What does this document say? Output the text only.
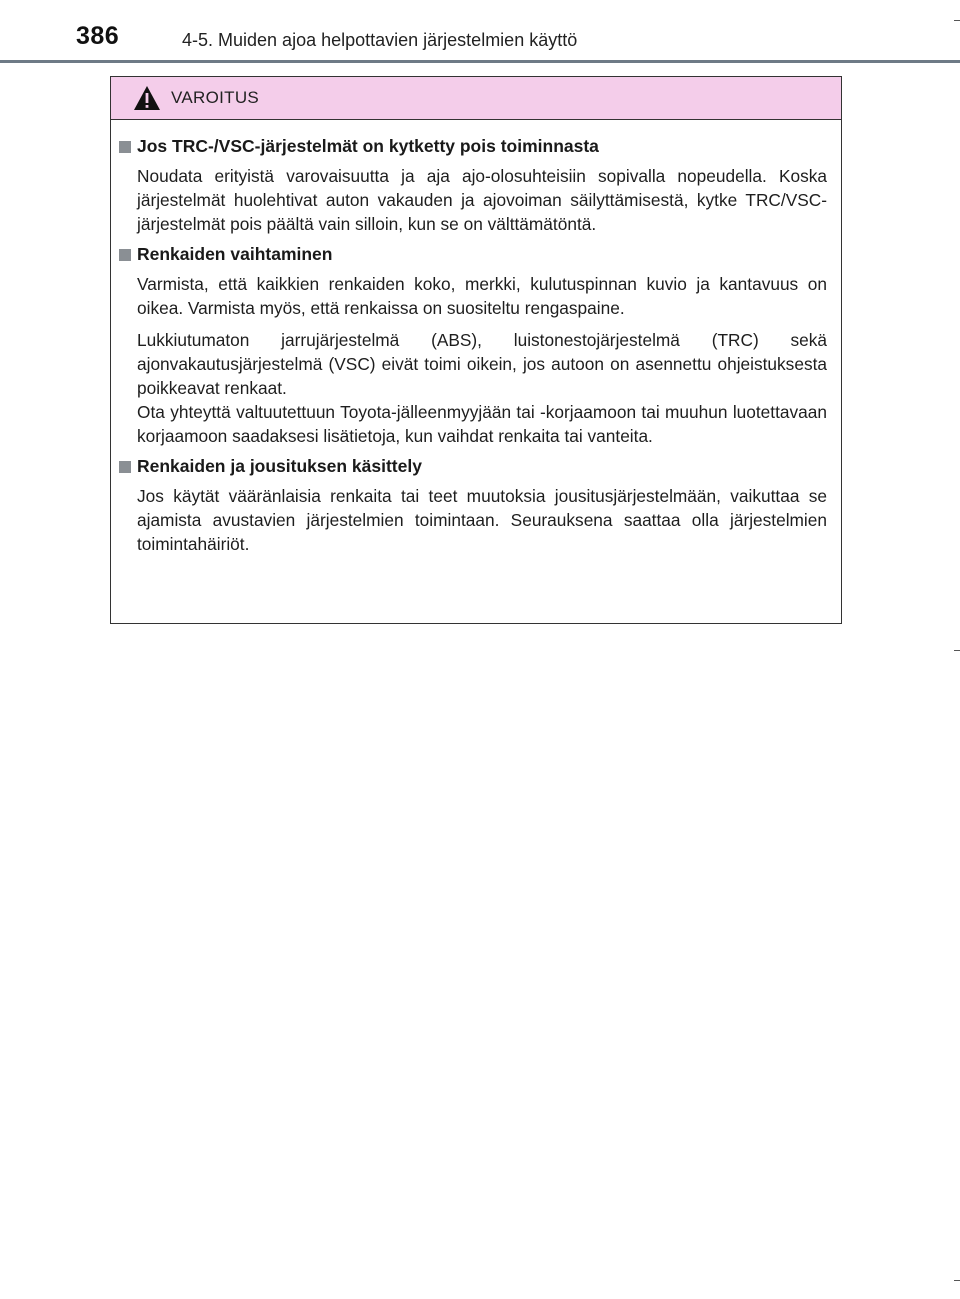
386	4-5. Muiden ajoa helpottavien järjestelmien käyttö
VAROITUS
Jos TRC-/VSC-järjestelmät on kytketty pois toiminnasta

Noudata erityistä varovaisuutta ja aja ajo-olosuhteisiin sopivalla nopeudella. Koska järjestelmät huolehtivat auton vakauden ja ajovoiman säilyttämisestä, kytke TRC/VSC-järjestelmät pois päältä vain silloin, kun se on välttämätöntä.

Renkaiden vaihtaminen

Varmista, että kaikkien renkaiden koko, merkki, kulutuspinnan kuvio ja kantavuus on oikea. Varmista myös, että renkaissa on suositeltu rengaspaine.

Lukkiutumaton jarrujärjestelmä (ABS), luistonestojärjestelmä (TRC) sekä ajonvakautusjärjestelmä (VSC) eivät toimi oikein, jos autoon on asennettu ohjeistuksesta poikkeavat renkaat.

Ota yhteyttä valtuutettuun Toyota-jälleenmyyjään tai -korjaamoon tai muuhun luotettavaan korjaamoon saadaksesi lisätietoja, kun vaihdat renkaita tai vanteita.

Renkaiden ja jousituksen käsittely

Jos käytät vääränlaisia renkaita tai teet muutoksia jousitusjärjestelmään, vaikuttaa se ajamista avustavien järjestelmien toimintaan. Seurauksena saattaa olla järjestelmien toimintahäiriöt.
